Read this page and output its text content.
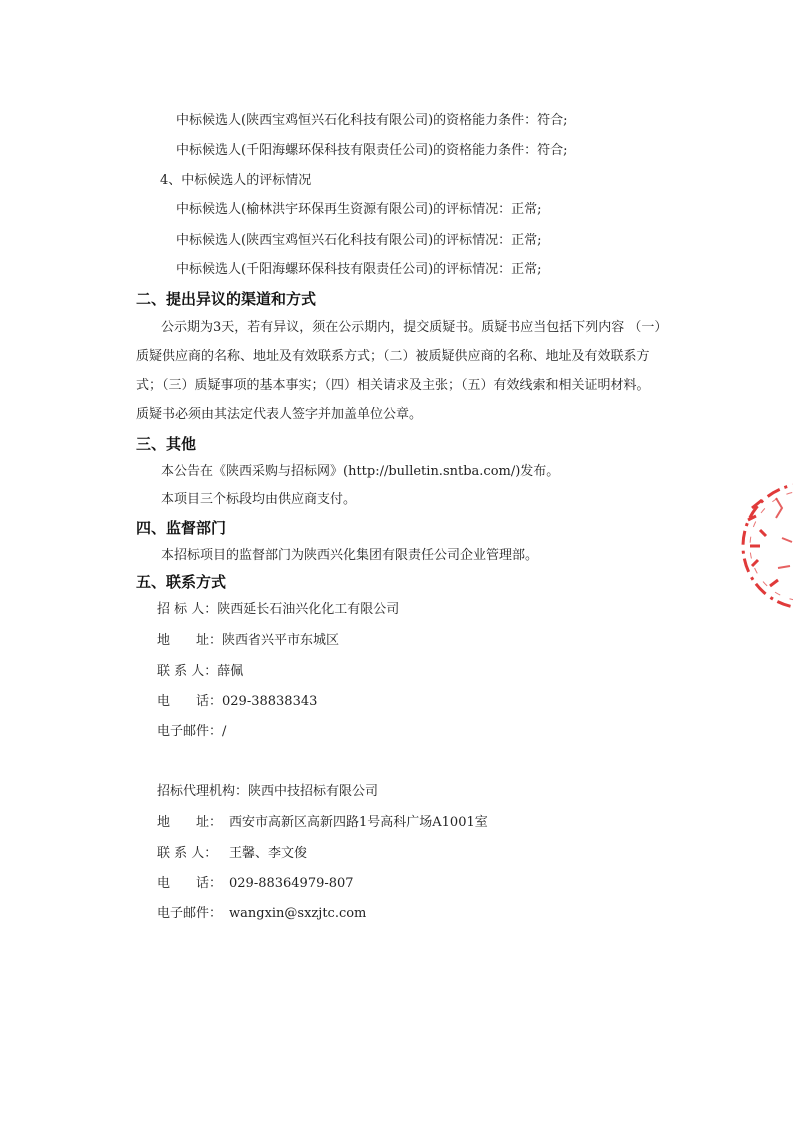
中标候选人(陕西宝鸡恒兴石化科技有限公司)的资格能力条件：符合;
中标候选人(千阳海螺环保科技有限责任公司)的资格能力条件：符合;
4、中标候选人的评标情况
中标候选人(榆林洪宇环保再生资源有限公司)的评标情况：正常;
中标候选人(陕西宝鸡恒兴石化科技有限公司)的评标情况：正常;
中标候选人(千阳海螺环保科技有限责任公司)的评标情况：正常;
二、提出异议的渠道和方式
公示期为3天，若有异议，须在公示期内，提交质疑书。质疑书应当包括下列内容 （一）
质疑供应商的名称、地址及有效联系方式；（二）被质疑供应商的名称、地址及有效联系方
式；（三）质疑事项的基本事实；（四）相关请求及主张；（五）有效线索和相关证明材料。
质疑书必须由其法定代表人签字并加盖单位公章。
三、其他
本公告在《陕西采购与招标网》(http://bulletin.sntba.com/)发布。
本项目三个标段均由供应商支付。
四、监督部门
本招标项目的监督部门为陕西兴化集团有限责任公司企业管理部。
五、联系方式
招 标 人：陕西延长石油兴化化工有限公司
地　　址：陕西省兴平市东城区
联 系 人：薛佩
电　　话：029-38838343
电子邮件：/
招标代理机构：陕西中技招标有限公司
地　　址： 西安市高新区高新四路1号高科广场A1001室
联 系 人： 王馨、李文俊
电　　话： 029-88364979-807
电子邮件： wangxin@sxzjtc.com
